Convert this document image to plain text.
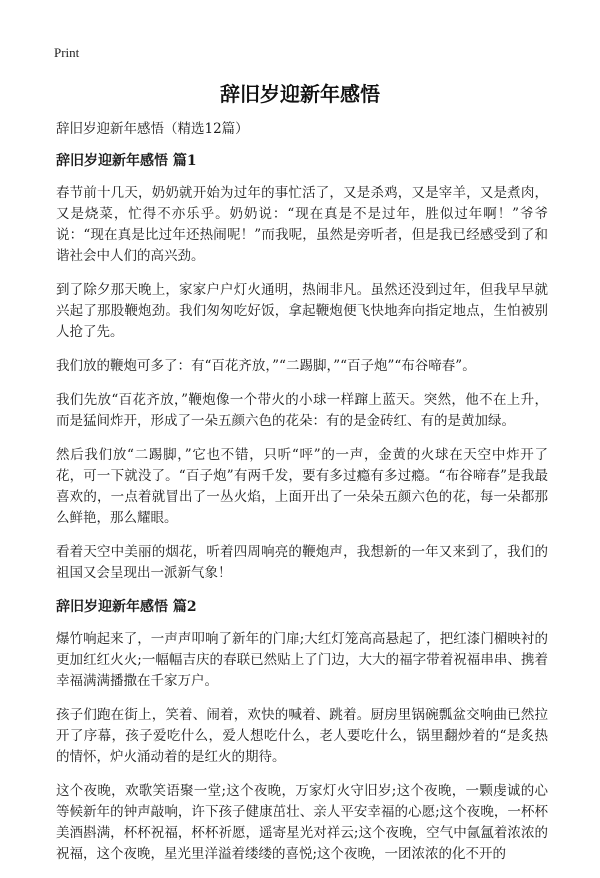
Print
辞旧岁迎新年感悟

辞旧岁迎新年感悟（精选12篇）

辞旧岁迎新年感悟 篇1

春节前十几天，奶奶就开始为过年的事忙活了，又是杀鸡，又是宰羊，又是煮肉，又是烧菜，忙得不亦乐乎。奶奶说：“现在真是不是过年，胜似过年啊！”爷爷说：“现在真是比过年还热闹呢！”而我呢，虽然是旁听者，但是我已经感受到了和谐社会中人们的高兴劲。

到了除夕那天晚上，家家户户灯火通明，热闹非凡。虽然还没到过年，但我早早就兴起了那股鞭炮劲。我们匆匆吃好饭，拿起鞭炮便飞快地奔向指定地点，生怕被别人抢了先。

我们放的鞭炮可多了：有“百花齐放，”“二踢脚，”“百子炮”“布谷啼春”。

我们先放“百花齐放，”鞭炮像一个带火的小球一样蹿上蓝天。突然，他不在上升，而是猛间炸开，形成了一朵五颜六色的花朵：有的是金砖红、有的是黄加绿。

然后我们放“二踢脚，”它也不错，只听“呯”的一声，金黄的火球在天空中炸开了花，可一下就没了。“百子炮”有两千发，要有多过瘾有多过瘾。“布谷啼春”是我最喜欢的，一点着就冒出了一丛火焰，上面开出了一朵朵五颜六色的花，每一朵都那么鲜艳，那么耀眼。

看着天空中美丽的烟花，听着四周响亮的鞭炮声，我想新的一年又来到了，我们的祖国又会呈现出一派新气象！

辞旧岁迎新年感悟 篇2

爆竹响起来了，一声声叩响了新年的门扉;大红灯笼高高悬起了，把红漆门楣映衬的更加红红火火;一幅幅吉庆的春联已然贴上了门边，大大的福字带着祝福串串、携着幸福满满播撒在千家万户。

孩子们跑在街上，笑着、闹着，欢快的喊着、跳着。厨房里锅碗瓢盆交响曲已然拉开了序幕，孩子爱吃什么，爱人想吃什么，老人要吃什么，锅里翻炒着的“是炙热的情怀，炉火涌动着的是红火的期待。

这个夜晚，欢歌笑语聚一堂;这个夜晚，万家灯火守旧岁;这个夜晚，一颗虔诚的心等候新年的钟声敲响，许下孩子健康茁壮、亲人平安幸福的心愿;这个夜晚，一杯杯美酒斟满，杯杯祝福，杯杯祈愿，遥寄星光对祥云;这个夜晚，空气中氤氲着浓浓的祝福，这个夜晚，星光里洋溢着缕缕的喜悦;这个夜晚，一团浓浓的化不开的
